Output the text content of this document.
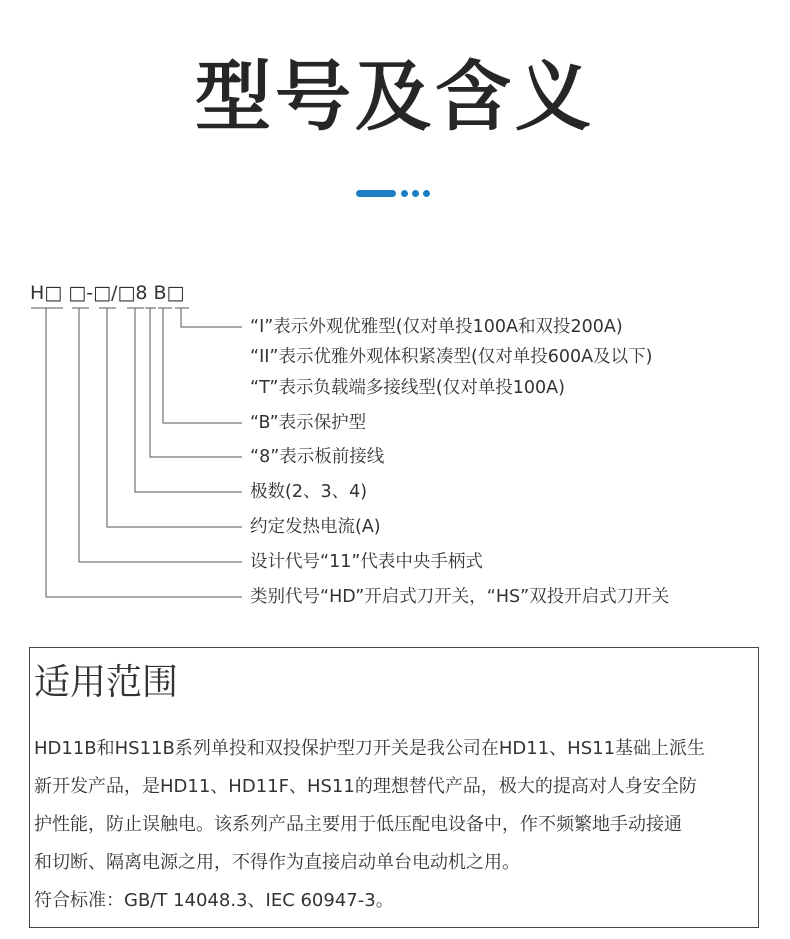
型号及含义
H□ □-□/□8 B□
“I”表示外观优雅型(仅对单投100A和双投200A)
“II”表示优雅外观体积紧凑型(仅对单投600A及以下)
“T”表示负载端多接线型(仅对单投100A)
“B”表示保护型
“8”表示板前接线
极数(2、3、4)
约定发热电流(A)
设计代号“11”代表中央手柄式
类别代号“HD”开启式刀开关，“HS”双投开启式刀开关
适用范围

HD11B和HS11B系列单投和双投保护型刀开关是我公司在HD11、HS11基础上派生

新开发产品，是HD11、HD11F、HS11的理想替代产品，极大的提高对人身安全防

护性能，防止误触电。该系列产品主要用于低压配电设备中，作不频繁地手动接通

和切断、隔离电源之用，不得作为直接启动单台电动机之用。

符合标准：GB/T 14048.3、IEC 60947-3。
